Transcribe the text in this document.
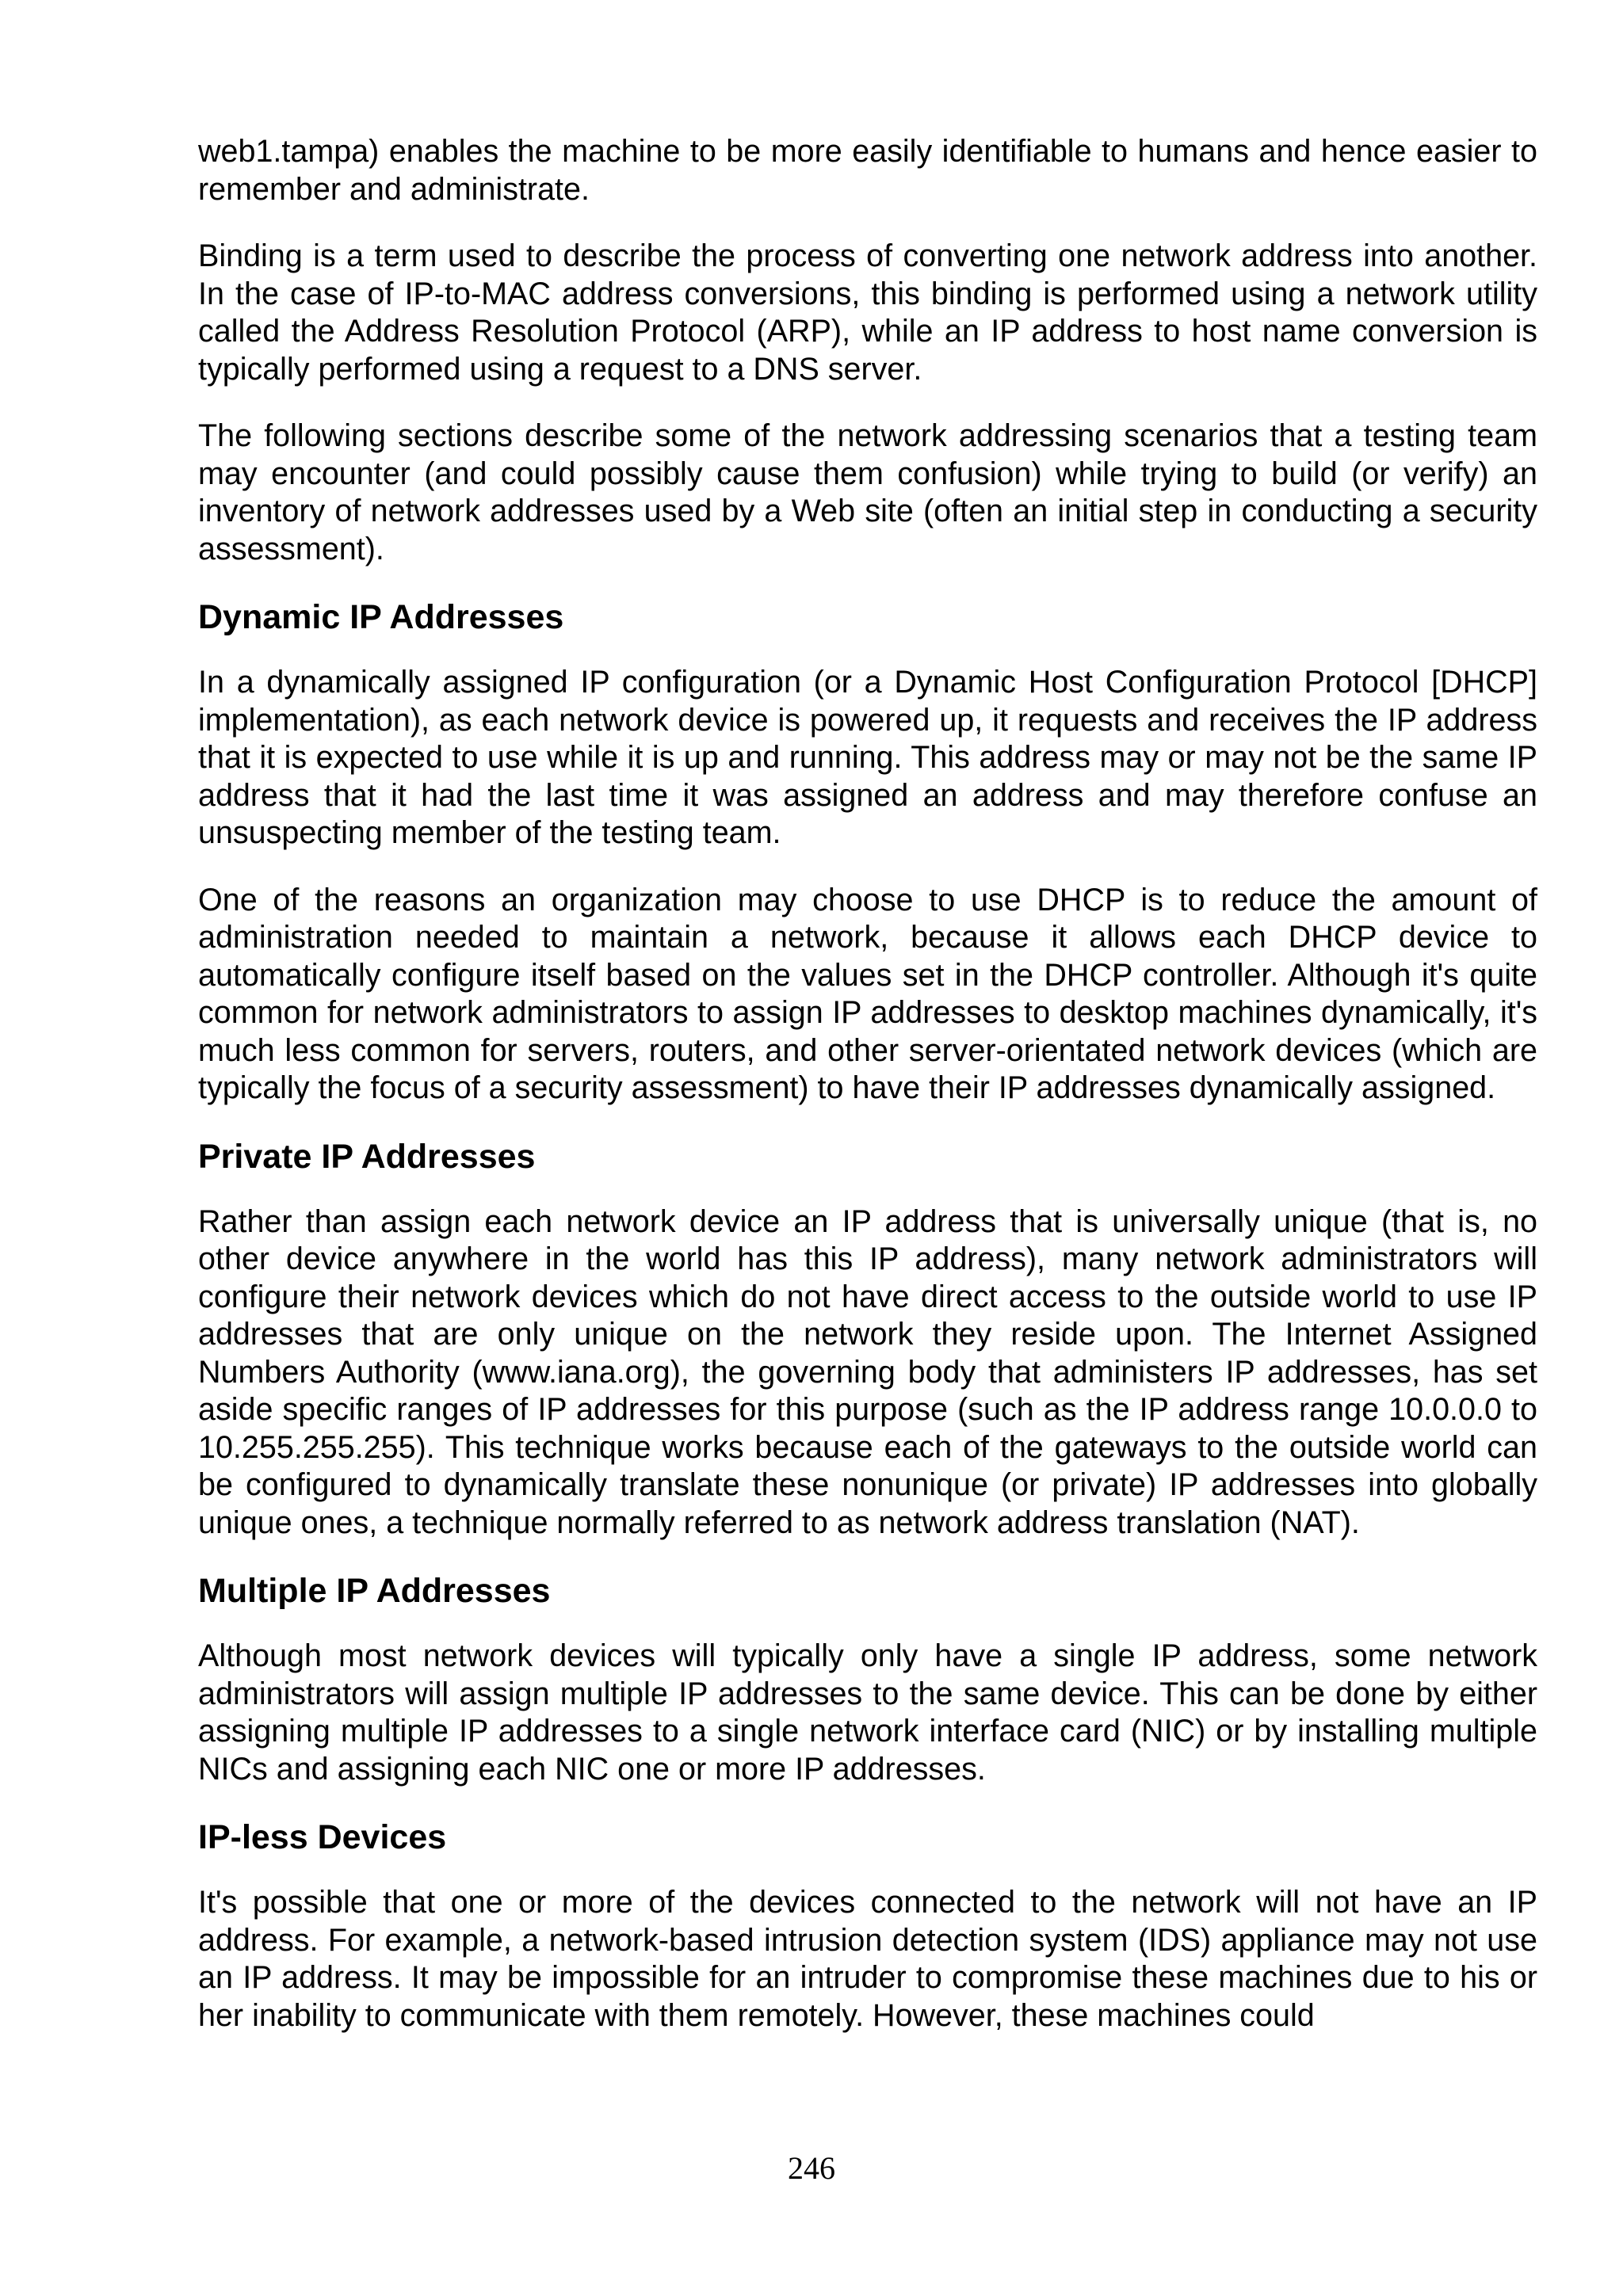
web1.tampa) enables the machine to be more easily identifiable to humans and hence easier to remember and administrate.

Binding is a term used to describe the process of converting one network address into another. In the case of IP-to-MAC address conversions, this binding is performed using a network utility called the Address Resolution Protocol (ARP), while an IP address to host name conversion is typically performed using a request to a DNS server.

The following sections describe some of the network addressing scenarios that a testing team may encounter (and could possibly cause them confusion) while trying to build (or verify) an inventory of network addresses used by a Web site (often an initial step in conducting a security assessment).

Dynamic IP Addresses

In a dynamically assigned IP configuration (or a Dynamic Host Configuration Protocol [DHCP] implementation), as each network device is powered up, it requests and receives the IP address that it is expected to use while it is up and running. This address may or may not be the same IP address that it had the last time it was assigned an address and may therefore confuse an unsuspecting member of the testing team.

One of the reasons an organization may choose to use DHCP is to reduce the amount of administration needed to maintain a network, because it allows each DHCP device to automatically configure itself based on the values set in the DHCP controller. Although it's quite common for network administrators to assign IP addresses to desktop machines dynamically, it's much less common for servers, routers, and other server-orientated network devices (which are typically the focus of a security assessment) to have their IP addresses dynamically assigned.

Private IP Addresses

Rather than assign each network device an IP address that is universally unique (that is, no other device anywhere in the world has this IP address), many network administrators will configure their network devices which do not have direct access to the outside world to use IP addresses that are only unique on the network they reside upon. The Internet Assigned Numbers Authority (www.iana.org), the governing body that administers IP addresses, has set aside specific ranges of IP addresses for this purpose (such as the IP address range 10.0.0.0 to 10.255.255.255). This technique works because each of the gateways to the outside world can be configured to dynamically translate these nonunique (or private) IP addresses into globally unique ones, a technique normally referred to as network address translation (NAT).

Multiple IP Addresses

Although most network devices will typically only have a single IP address, some network administrators will assign multiple IP addresses to the same device. This can be done by either assigning multiple IP addresses to a single network interface card (NIC) or by installing multiple NICs and assigning each NIC one or more IP addresses.

IP-less Devices

It's possible that one or more of the devices connected to the network will not have an IP address. For example, a network-based intrusion detection system (IDS) appliance may not use an IP address. It may be impossible for an intruder to compromise these machines due to his or her inability to communicate with them remotely. However, these machines could

246
